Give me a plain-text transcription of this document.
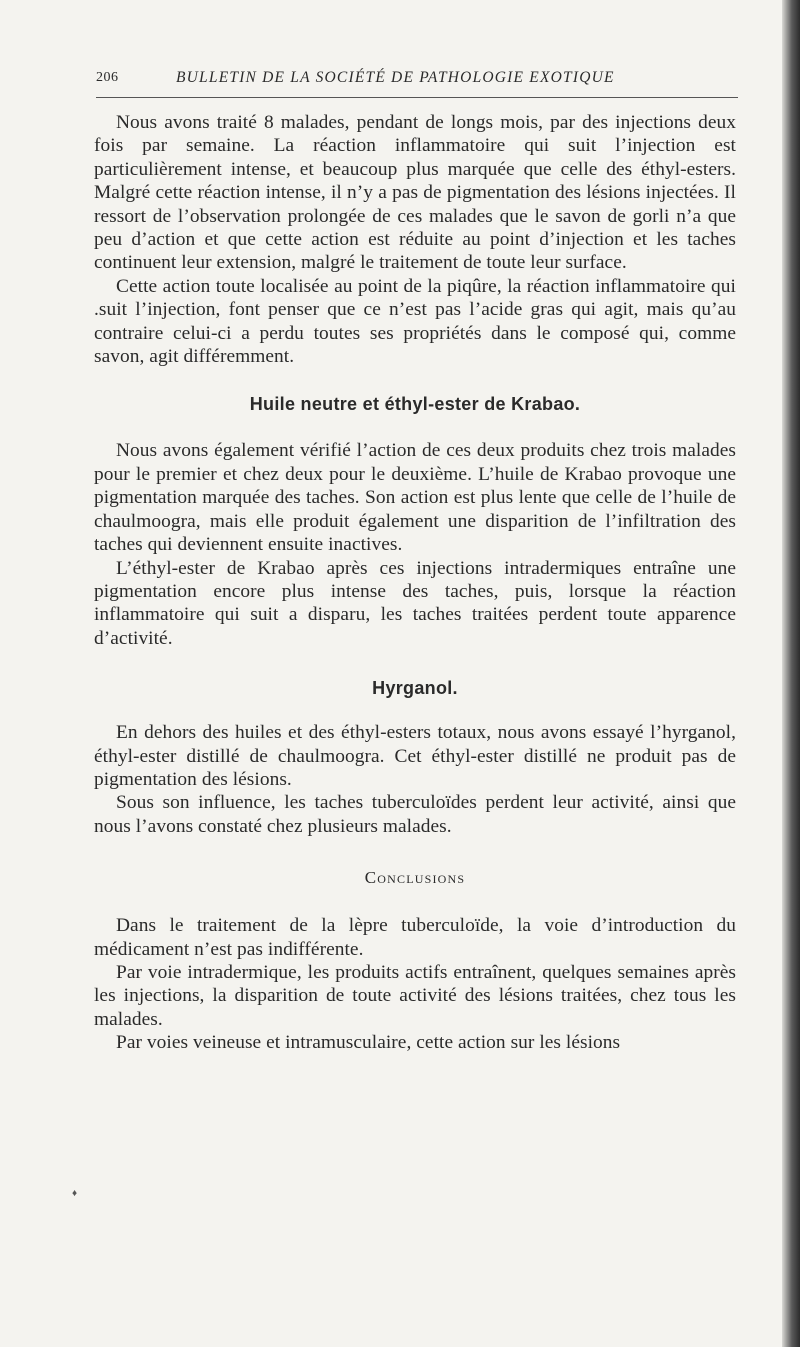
206	BULLETIN DE LA SOCIÉTÉ DE PATHOLOGIE EXOTIQUE

Nous avons traité 8 malades, pendant de longs mois, par des injections deux fois par semaine. La réaction inflammatoire qui suit l’injection est particulièrement intense, et beaucoup plus marquée que celle des éthyl-esters. Malgré cette réaction intense, il n’y a pas de pigmentation des lésions injectées. Il ressort de l’observation prolongée de ces malades que le savon de gorli n’a que peu d’action et que cette action est réduite au point d’injection et les taches continuent leur extension, malgré le traitement de toute leur surface.

Cette action toute localisée au point de la piqûre, la réaction inflammatoire qui .suit l’injection, font penser que ce n’est pas l’acide gras qui agit, mais qu’au contraire celui-ci a perdu toutes ses propriétés dans le composé qui, comme savon, agit différemment.

Huile neutre et éthyl-ester de Krabao.

Nous avons également vérifié l’action de ces deux produits chez trois malades pour le premier et chez deux pour le deuxième. L’huile de Krabao provoque une pigmentation marquée des taches. Son action est plus lente que celle de l’huile de chaulmoogra, mais elle produit également une disparition de l’infiltration des taches qui deviennent ensuite inactives.

L’éthyl-ester de Krabao après ces injections intradermiques entraîne une pigmentation encore plus intense des taches, puis, lorsque la réaction inflammatoire qui suit a disparu, les taches traitées perdent toute apparence d’activité.

Hyrganol.

En dehors des huiles et des éthyl-esters totaux, nous avons essayé l’hyrganol, éthyl-ester distillé de chaulmoogra. Cet éthyl-ester distillé ne produit pas de pigmentation des lésions.

Sous son influence, les taches tuberculoïdes perdent leur activité, ainsi que nous l’avons constaté chez plusieurs malades.

Conclusions

Dans le traitement de la lèpre tuberculoïde, la voie d’introduction du médicament n’est pas indifférente.

Par voie intradermique, les produits actifs entraînent, quelques semaines après les injections, la disparition de toute activité des lésions traitées, chez tous les malades.

Par voies veineuse et intramusculaire, cette action sur les lésions

♦
